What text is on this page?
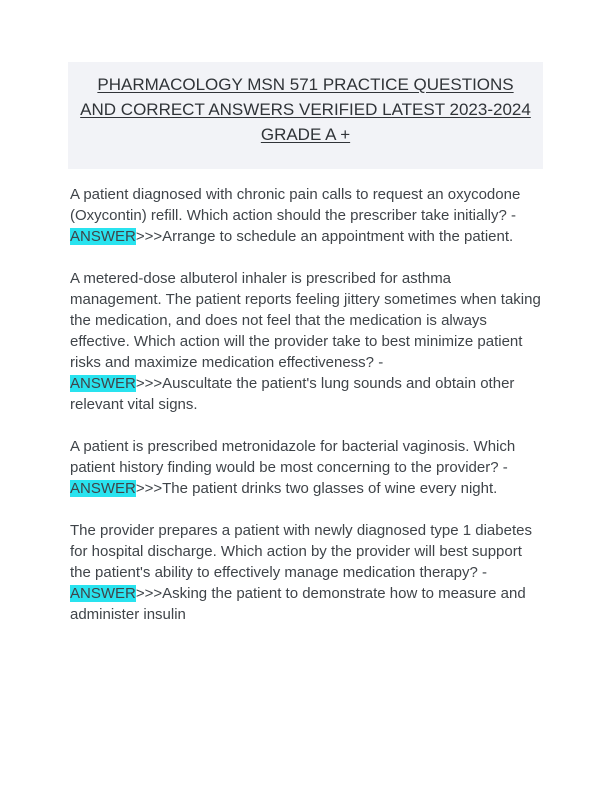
PHARMACOLOGY MSN 571 PRACTICE QUESTIONS AND CORRECT ANSWERS VERIFIED LATEST 2023-2024 GRADE A +

A patient diagnosed with chronic pain calls to request an oxycodone (Oxycontin) refill. Which action should the prescriber take initially? - ANSWER>>>Arrange to schedule an appointment with the patient.

A metered-dose albuterol inhaler is prescribed for asthma management. The patient reports feeling jittery sometimes when taking the medication, and does not feel that the medication is always effective. Which action will the provider take to best minimize patient risks and maximize medication effectiveness? - ANSWER>>>Auscultate the patient's lung sounds and obtain other relevant vital signs.

A patient is prescribed metronidazole for bacterial vaginosis. Which patient history finding would be most concerning to the provider? - ANSWER>>>The patient drinks two glasses of wine every night.

The provider prepares a patient with newly diagnosed type 1 diabetes for hospital discharge. Which action by the provider will best support the patient's ability to effectively manage medication therapy? - ANSWER>>>Asking the patient to demonstrate how to measure and administer insulin
